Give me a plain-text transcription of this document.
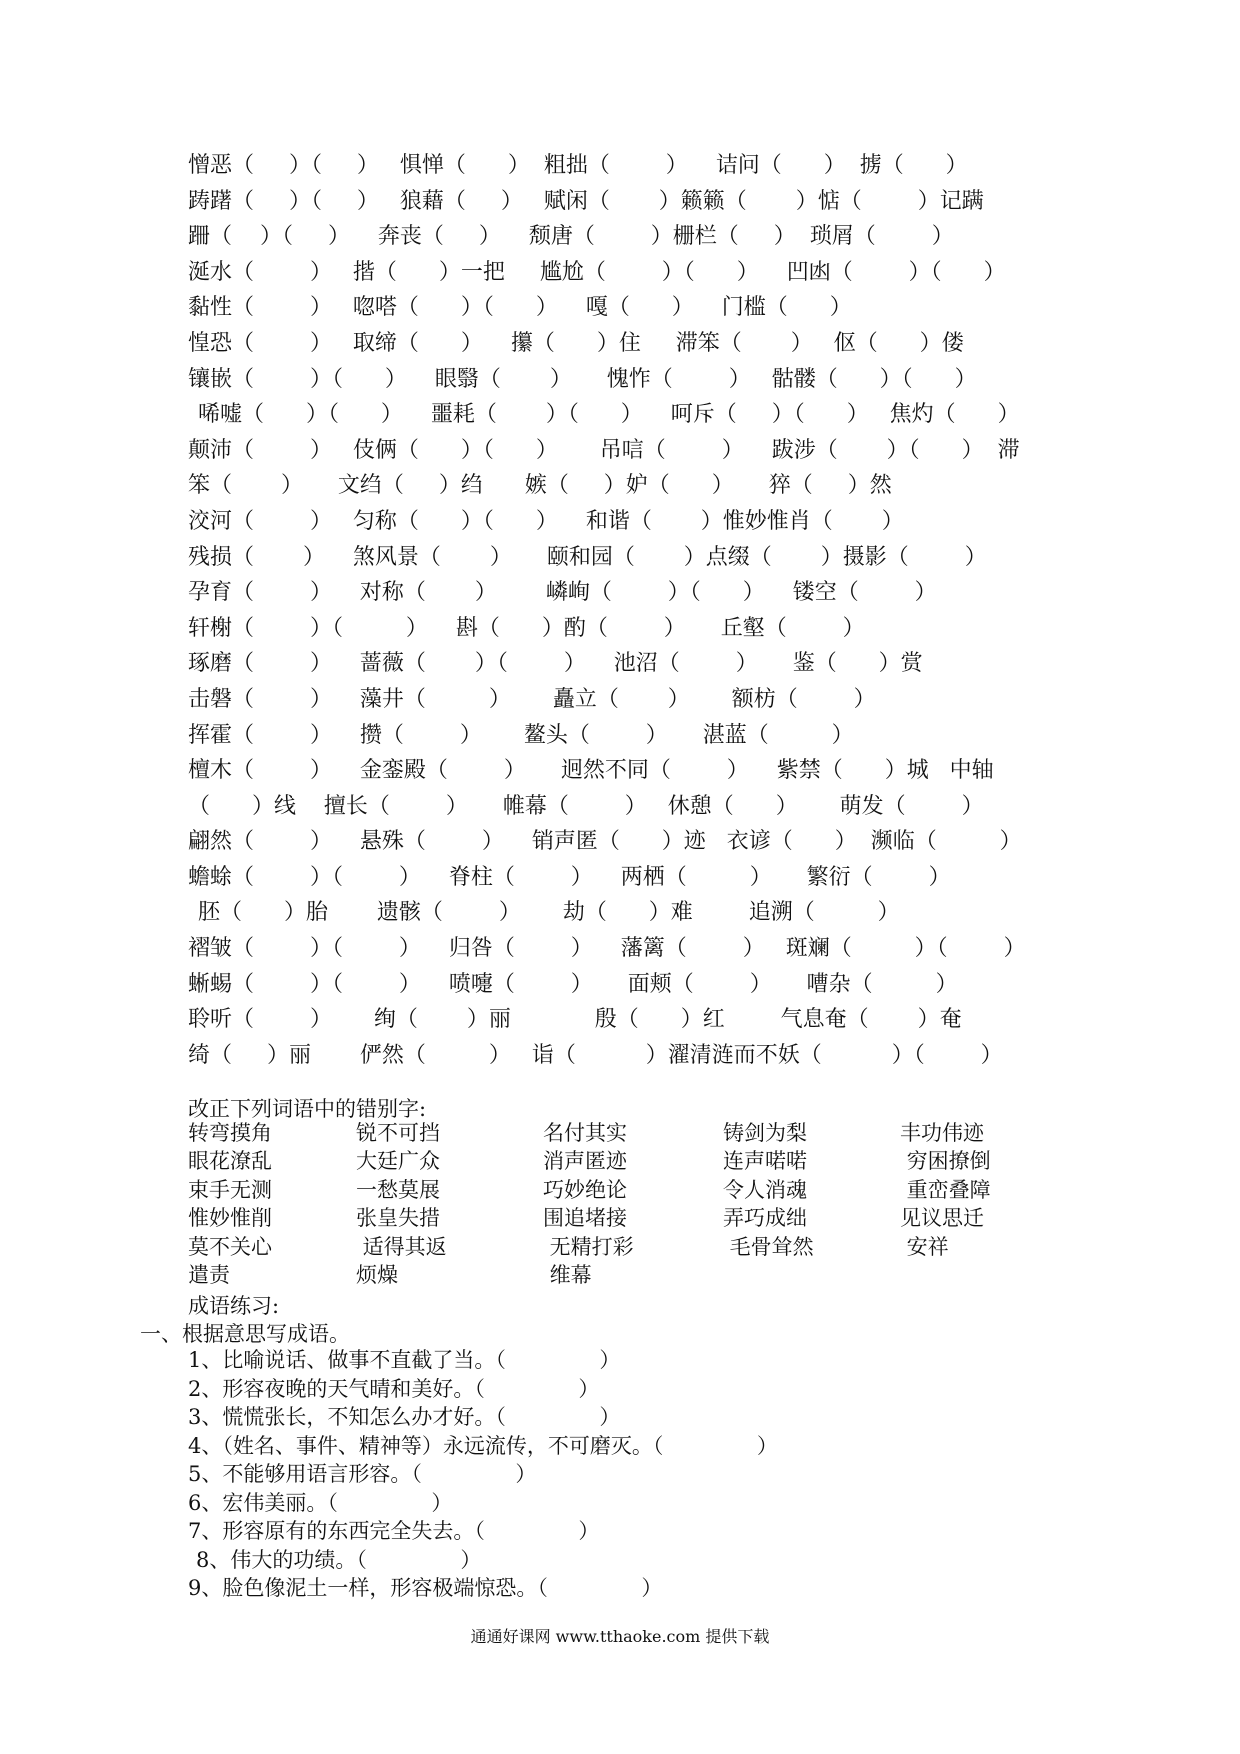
憎恶（     ）（     ）   惧惮（      ）  粗拙（        ）    诘问（      ）  掳（      ）
踌躇（     ）（     ）   狼藉（     ）   赋闲（       ）籁籁（       ）惦（        ）记蹒
跚（    ）（     ）    奔丧（     ）    颓唐（        ）栅栏（     ）  琐屑（        ）
涎水（        ）   揩（      ）一把     尴尬（        ）（      ）    凹凼（        ）（      ）
黏性（        ）   唿嗒（      ）（      ）    嘎（      ）    门槛（      ）
惶恐（        ）   取缔（      ）    攥（      ）住     滞笨（       ）   伛（      ）偻
镶嵌（        ）（      ）    眼翳（       ）     愧怍（        ）   骷髅（      ）（      ）
唏嘘（      ）（      ）    噩耗（       ）（      ）    呵斥（     ）（      ）   焦灼（      ）
颠沛（        ）   伎俩（      ）（      ）      吊唁（        ）    跋涉（       ）（      ）  滞
笨（       ）     文绉（     ）绉      嫉（     ）妒（      ）     猝（     ）然
洨河（        ）   匀称（      ）（      ）    和谐（       ）惟妙惟肖（       ）
残损（       ）    煞风景（       ）     颐和园（       ）点缀（       ）摄影（        ）
孕育（        ）    对称（       ）       嶙峋（        ）（      ）    镂空（        ）
轩榭（        ）（         ）    斟（      ）酌（        ）     丘壑（        ）
琢磨（        ）    蔷薇（       ）（        ）    池沼（        ）     鉴（      ）赏
击磐（        ）    藻井（         ）      矗立（       ）      额枋（        ）
挥霍（        ）    攒（        ）      鳌头（        ）     湛蓝（         ）
檀木（        ）    金銮殿（        ）     迥然不同（        ）    紫禁（      ）城   中轴
（      ）线    擅长（        ）     帷幕（        ）   休憩（      ）      萌发（        ）
翩然（        ）    悬殊（        ）    销声匿（      ）迹   衣谚（      ）  濒临（         ）
蟾蜍（        ）（        ）    脊柱（        ）    两栖（         ）     繁衍（        ）
胚（      ）胎       遗骸（        ）      劫（      ）难        追溯（         ）
褶皱（        ）（        ）    归咎（        ）    藩篱（        ）   斑斓（         ）（        ）
蜥蜴（        ）（        ）    喷嚏（        ）     面颊（        ）     嘈杂（         ）
聆听（        ）      绚（       ）丽            殷（      ）红        气息奄（       ）奄
绮（     ）丽       俨然（         ）   诣（          ）濯清涟而不妖（          ）（        ）
改正下列词语中的错别字:
转弯摸角	锐不可挡	名付其实	铸剑为梨	丰功伟迹
眼花潦乱	大廷广众	消声匿迹	连声喏喏	穷困撩倒
束手无测	一愁莫展	巧妙绝论	令人消魂	重峦叠障
惟妙惟削	张皇失措	围追堵接	弄巧成绌	见议思迁
莫不关心	适得其返	无精打彩	毛骨耸然	安祥
遣责	烦燥	维幕
成语练习:
一、根据意思写成语。
1、比喻说话、做事不直截了当。（              ）
2、形容夜晚的天气晴和美好。（              ）
3、慌慌张长，不知怎么办才好。（              ）
4、（姓名、事件、精神等）永远流传，不可磨灭。（              ）
5、不能够用语言形容。（              ）
6、宏伟美丽。（              ）
7、形容原有的东西完全失去。（              ）
8、伟大的功绩。（              ）
9、脸色像泥土一样，形容极端惊恐。（              ）
通通好课网 www.tthaoke.com 提供下载
